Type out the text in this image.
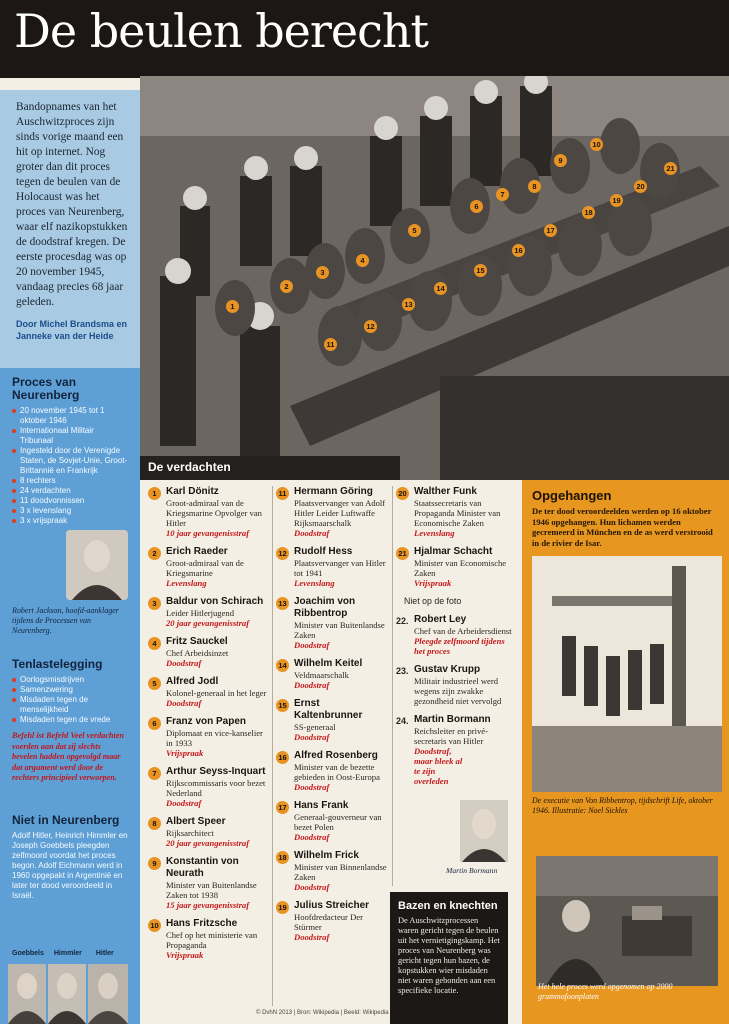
De beulen berecht
1
2
3
4
5
6
7
8
9
10
11
12
13
14
15
16
17
18
19
20
21

Bandopnames van het Auschwitzproces zijn sinds vorige maand een hit op internet. Nog groter dan dit proces tegen de beulen van de Holocaust was het proces van Neurenberg, waar elf nazikopstukken de doodstraf kregen. De eerste procesdag was op 20 november 1945, vandaag precies 68 jaar geleden.

Door Michel Brandsma en Janneke van der Heide
Proces van Neurenberg
20 november 1945 tot 1 oktober 1946
Internationaal Militair Tribunaal
Ingesteld door de Verenigde Staten, de Sovjet-Unie, Groot-Brittannië en Frankrijk
8 rechters
24 verdachten
11 doodvonnissen
3 x levenslang
3 x vrijspraak
Robert Jackson, hoofd-aanklager tijdens de Processen van Neurenberg.
Tenlastelegging
Oorlogsmisdrijven
Samenzwering
Misdaden tegen de menselijkheid
Misdaden tegen de vrede
Befehl ist Befehl Veel verdachten voerden aan dat zij slechts bevelen hadden opgevolgd maar dat argument werd door de rechters principieel verworpen.
Niet in Neurenberg
Adolf Hitler, Heinrich Himmler en Joseph Goebbels pleegden zelfmoord voordat het proces begon. Adolf Eichmann werd in 1960 opgepakt in Argentinië en later ter dood veroordeeld in Israël.
Goebbels Himmler Hitler
De verdachten
1 Karl Dönitz
Groot-admiraal van de Kriegsmarine Opvolger van Hitler
10 jaar gevangenisstraf
2 Erich Raeder
Groot-admiraal van de Kriegsmarine
Levenslang
3 Baldur von Schirach
Leider Hitlerjugend
20 jaar gevangenisstraf
4 Fritz Sauckel
Chef Arbeidsinzet
Doodstraf
5 Alfred Jodl
Kolonel-generaal in het leger
Doodstraf
6 Franz von Papen
Diplomaat en vice-kanselier in 1933
Vrijspraak
7 Arthur Seyss-Inquart
Rijkscommissaris voor bezet Nederland
Doodstraf
8 Albert Speer
Rijksarchitect
20 jaar gevangenisstraf
9 Konstantin von Neurath
Minister van Buitenlandse Zaken tot 1938
15 jaar gevangenisstraf
10 Hans Fritzsche
Chef op het ministerie van Propaganda
Vrijspraak
11 Hermann Göring
Plaatsvervanger van Adolf Hitler Leider Luftwaffe Rijksmaarschalk
Doodstraf
12 Rudolf Hess
Plaatsvervanger van Hitler tot 1941
Levenslang
13 Joachim von Ribbentrop
Minister van Buitenlandse Zaken
Doodstraf
14 Wilhelm Keitel
Veldmaarschalk
Doodstraf
15 Ernst Kaltenbrunner
SS-generaal
Doodstraf
16 Alfred Rosenberg
Minister van de bezette gebieden in Oost-Europa
Doodstraf
17 Hans Frank
Generaal-gouverneur van bezet Polen
Doodstraf
18 Wilhelm Frick
Minister van Binnenlandse Zaken
Doodstraf
19 Julius Streicher
Hoofdredacteur Der Stürmer
Doodstraf
20 Walther Funk
Staatssecretaris van Propaganda Minister van Economische Zaken
Levenslang
21 Hjalmar Schacht
Minister van Economische Zaken
Vrijspraak
Niet op de foto
22. Robert Ley
Chef van de Arbeidersdienst
Pleegde zelfmoord tijdens het proces
23. Gustav Krupp
Militair industrieel werd wegens zijn zwakke gezondheid niet vervolgd
24. Martin Bormann
Reichsleiter en privé-secretaris van Hitler
Doodstraf, maar bleek al te zijn overleden
Martin Bormann
Bazen en knechten

De Auschwitzprocessen waren gericht tegen de beulen uit het vernietigingskamp. Het proces van Neurenberg was gericht tegen hun bazen, de kopstukken wier misdaden niet waren gebonden aan een specifieke locatie.

Opgehangen
De ter dood veroordeelden werden op 16 oktober 1946 opgehangen. Hun lichamen werden gecremeerd in München en de as werd verstrooid in de rivier de Isar.
De executie van Von Ribbentrop, tijdschrift Life, oktober 1946. Illustratie: Noel Sickles
Het hele proces werd opgenomen op 2000 grammofoonplaten
© DvhN 2013 | Bron: Wikipedia | Beeld: Wikipedia
